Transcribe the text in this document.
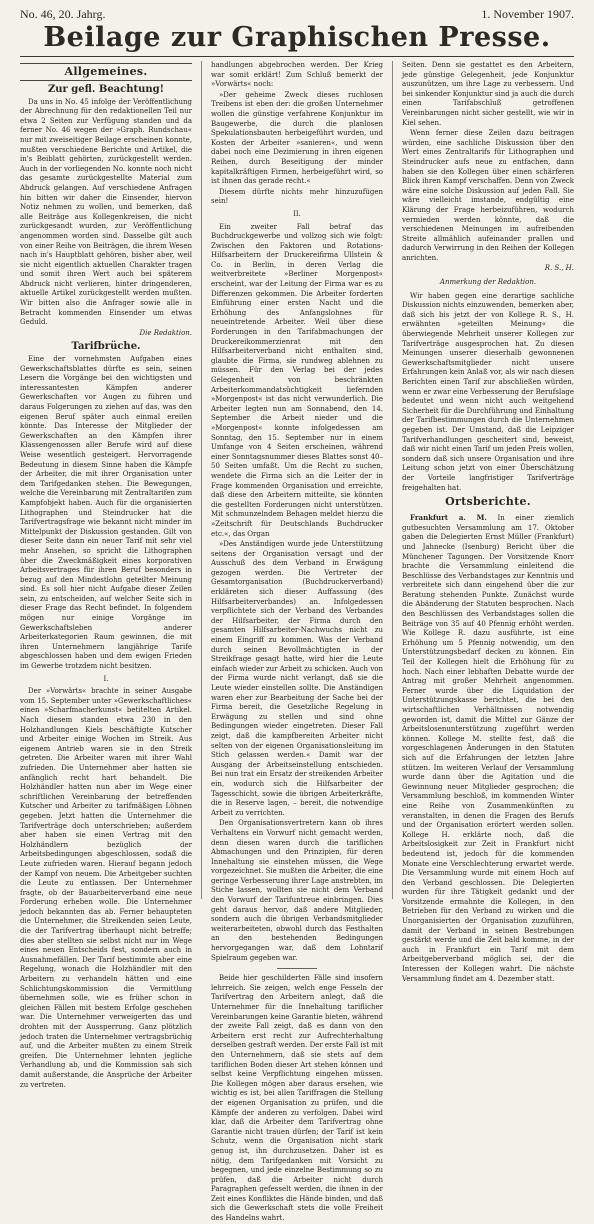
No. 46, 20. Jahrg.	1. November 1907.
Beilage zur Graphischen Presse.
Allgemeines.
Zur gefl. Beachtung!

Da uns in No. 45 infolge der Veröffentlichung der Abrechnung für den redaktionellen Teil nur etwa 2 Seiten zur Verfügung standen und da ferner No. 46 wegen der »Graph. Rundschau« nur mit zweiseitiger Beilage erscheinen konnte, mußten verschiedene Berichte und Artikel, die in's Beiblatt gehörten, zurückgestellt werden. Auch in der vorliegenden No. konnte noch nicht das gesamte zurückgestellte Material zum Abdruck gelangen. Auf verschiedene Anfragen hin bitten wir daher die Einsender, hiervon Notiz nehmen zu wollen, und bemerken, daß alle Beiträge aus Kollegenkreisen, die nicht zurückgesandt wurden, zur Veröffentlichung angenommen worden sind. Dasselbe gilt auch von einer Reihe von Beiträgen, die ihrem Wesen nach in's Hauptblatt gehören, bisher aber, weil sie nicht eigentlich aktuellen Charakter tragen und somit ihren Wert auch bei späterem Abdruck nicht verlieren, hinter dringenderen, aktuelle Artikel zurückgestellt werden mußten. Wir bitten also die Anfrager sowie alle in Betracht kommenden Einsender um etwas Geduld.

Die Redaktion.
Tarifbrüche.

Eine der vornehmsten Aufgaben eines Gewerkschaftsblattes dürfte es sein, seinen Lesern die Vorgänge bei den wichtigsten und interessantesten Kämpfen anderer Gewerkschaften vor Augen zu führen und daraus Folgerungen zu ziehen auf das, was den eigenen Beruf später auch einmal ereilen könnte. Das Interesse der Mitglieder der Gewerkschaften an den Kämpfen ihrer Klassengenossen aller Berufe wird auf diese Weise wesentlich gesteigert. Hervorragende Bedeutung in diesem Sinne haben die Kämpfe der Arbeiter, die mit ihrer Organisation unter dem Tarifgedanken stehen. Die Bewegungen, welche die Vereinbarung mit Zentraltarifen zum Kampfobjekt haben. Auch für die organisierten Lithographen und Steindrucker hat die Tarifvertragsfrage wie bekannt nicht minder im Mittelpunkt der Diskussion gestanden. Gilt von dieser Seite dann ein neuer Tarif mit sehr viel mehr Ansehen, so spricht die Lithographen über die Zweckmäßigkeit eines korporativen Arbeitsvertrages für ihren Beruf besonders in bezug auf den Mindestlohn geteilter Meinung sind. Es soll hier nicht Aufgabe dieser Zeilen sein, zu entscheiden, auf welcher Seite sich in dieser Frage das Recht befindet. In folgendem mögen nur einige Vorgänge im Gewerkschaftsleben anderer Arbeiterkategorien Raum gewinnen, die mit ihren Unternehmern langjährige Tarife abgeschlossen haben und dem ewigen Frieden im Gewerbe trotzdem nicht besitzen.

I.

Der »Vorwärts« brachte in seiner Ausgabe vom 15. September unter »Gewerkschaftliches« einen »Scharfmacherkunst« betitelten Artikel. Nach diesem standen etwa 230 in den Holzhandlungen Kiels beschäftigte Kutscher und Arbeiter einige Wochen im Streik. Aus eigenem Antrieb waren sie in den Streik getreten. Die Arbeiter waren mit ihrer Wahl zufrieden. Die Unternehmer aber hatten sie anfänglich recht hart behandelt. Die Holzhändler hatten nun aber im Wege einer schriftlichen Vereinbarung der betreffenden Kutscher und Arbeiter zu tarifmäßigen Löhnen gegeben. Jetzt hatten die Unternehmer die Tarifverträge doch unterschrieben; außerdem aber haben sie einen Vertrag mit den Holzhändlern bezüglich der Arbeitsbedingungen abgeschlossen, sodaß die Leute zufrieden waren. Hierauf begann jedoch der Kampf von neuem. Die Arbeitgeber suchten die Leute zu entlassen. Der Unternehmer fragte, ob der Bauarbeiterverband eine neue Forderung erheben wolle. Die Unternehmer jedoch bekannten das ab. Ferner behaupteten die Unternehmer, die Streikenden seien Leute, die der Tarifvertrag überhaupt nicht betreffe; dies aber stellten sie selbst nicht nur im Wege eines neuen Entscheids fest, sondern auch in Ausnahmefällen. Der Tarif bestimmte aber eine Regelung, wonach die Holzhändler mit den Arbeitern zu verhandeln hätten und eine Schlichtungskommission die Vermittlung übernehmen solle, wie es früher schon in gleichen Fällen mit bestem Erfolge geschehen war. Die Unternehmer verweigerten das und drohten mit der Aussperrung. Ganz plötzlich jedoch traten die Unternehmer vertragsbrüchig auf, und die Arbeiter mußten zu einem Streik greifen. Die Unternehmer lehnten jegliche Verhandlung ab, und die Kommission sah sich damit außerstande, die Ansprüche der Arbeiter zu vertreten.

handlungen abgebrochen werden. Der Krieg war somit erklärt! Zum Schluß bemerkt der »Vorwärts« noch:

»Der geheime Zweck dieses ruchlosen Treibens ist eben der: die großen Unternehmer wollen die günstige verfahrene Konjunktur im Baugewerbe, die durch die planlosen Spekulationsbauten herbeigeführt wurden, und Kosten der Arbeiter »sanieren«, und wenn dabei noch eine Dezimierung in ihren eigenen Reihen, durch Beseitigung der minder kapitalkräftigen Firmen, herbeigeführt wird, so ist ihnen das gerade recht.«

Diesem dürfte nichts mehr hinzuzufügen sein!

II.

Ein zweiter Fall betraf das Buchdruckgewerbe und vollzog sich wie folgt: Zwischen den Faktoren und Rotations-Hilfsarbeitern der Druckereifirma Ullstein & Co. in Berlin, in deren Verlag die weitverbreitete »Berliner Morgenpost« erscheint, war der Leitung der Firma war es zu Differenzen gekommen. Die Arbeiter forderten Einführung einer ersten Nacht und die Erhöhung des Anfangslohnes für neueintretende Arbeiter. Weil über diese Forderungen in den Tarifabmachungen der Druckereikommerzienrat mit den Hilfsarbeiterverband nicht enthalten sind, glaubte die Firma, sie rundweg ablehnen zu müssen. Für den Verlag bei der jedes Gelegenheit von beschränkten Arbeiterkommandatsüchtigkeit liefernden »Morgenpost« ist das nicht verwunderlich. Die Arbeiter legten nun am Sonnabend, den 14. September die Arbeit nieder und die »Morgenpost« konnte infolgedessen am Sonntag, den 15. September nur in einem Umfange von 4 Seiten erscheinen, während einer Sonntagsnummer dieses Blattes sonst 40–50 Seiten umfaßt. Um die Recht zu suchen, wendete die Firma sich an die Leiter der in Frage kommenden Organisation und erreichte, daß diese den Arbeitern mitteilte, sie könnten die gestellten Forderungen nicht unterstützen. Mit schmunzelndem Behagen meldet hierzu die »Zeitschrift für Deutschlands Buchdrucker etc.«, das Organ

»Des Anständigen wurde jede Unterstützung seitens der Organisation versagt und der Ausschuß des dem Verband in Erwägung gezogen werden. Die Vertreter der Gesamtorganisation (Buchdruckerverband) erkläreten sich dieser Auffassung (des Hilfsarbeiterverbandes) an. Infolgedessen verpflichtete sich der Verband des Verbandes der Hilfsarbeiter, der Firma durch den gesamten Hilfsarbeiter-Nachwuchs nicht zu einem Eingriff zu kommen. Was der Verband durch seinen Bevollmächtigten in der Streikfrage gesagt hatte, wird hier die Leute einfach wieder zur Arbeit zu schicken. Auch von der Firma wurde nicht verlangt, daß sie die Leute wieder einstellen sollte. Die Anständigen waren eher zur Bearbeitung der Sache bei der Firma bereit, die Gesetzliche Regelung in Erwägung zu stellen und sind ohne Bedingungen wieder eingetreten. Dieser Fall zeigt, daß die kampfbereiten Arbeiter nicht selten von der eigenen Organisationsleitung im Stich gelassen werden.« Damit war der Ausgang der Arbeitseinstellung entschieden. Bei nun trat ein Ersatz der streikenden Arbeiter ein, wodurch sich die Hilfsarbeiter der Tagesschicht, sowie die übrigen Arbeiterkräfte, die in Reserve lagen, – bereit, die notwendige Arbeit zu verrichten.

Den Organisationsvertretern kann ob ihres Verhaltens ein Vorwurf nicht gemacht werden, denn diesen waren durch die tariflichen Abmachungen und den Prinzipien, für deren Innehaltung sie einstehen müssen, die Wege vorgezeichnet. Sie mußten die Arbeiter, die eine geringe Verbesserung ihrer Lage anstrebten, im Stiche lassen, wollten sie nicht dem Verband den Vorwurf der Tarifuntreue einbringen. Dies geht daraus hervor, daß andere Mitglieder, sondern auch die übrigen Verbandsmitglieder weiterarbeiteten, obwohl durch das Festhalten an den bestehenden Bedingungen hervorgegangen war, daß dem Lohntarif Spielraum gegeben war.

Beide hier geschilderten Fälle sind insofern lehrreich. Sie zeigen, welch enge Fesseln der Tarifvertrag den Arbeitern anlegt, daß die Unternehmer für die Innehaltung tariflicher Vereinbarungen keine Garantie bieten, während der zweite Fall zeigt, daß es dann von den Arbeitern erst recht zur Aufrechterhaltung derselben gestraft werden. Der erste Fall ist mit den Unternehmern, daß sie stets auf dem tariflichen Boden dieser Art stehen können und selbst keine Verpflichtung eingehen müssen. Die Kollegen mögen aber daraus ersehen, wie wichtig es ist, bei allen Tariffragen die Stellung der eigenen Organisation zu prüfen, und die Kämpfe der anderen zu verfolgen. Dabei wird klar, daß die Arbeiter dem Tarifvertrag ohne Garantie nicht trauen dürfen; der Tarif ist kein Schutz, wenn die Organisation nicht stark genug ist, ihn durchzusetzen. Daher ist es nötig, dem Tarifgedanken mit Vorsicht zu begegnen, und jede einzelne Bestimmung so zu prüfen, daß die Arbeiter nicht durch Paragraphen gefesselt werden, die ihnen in der Zeit eines Konfliktes die Hände binden, und daß sich die Gewerkschaft stets die volle Freiheit des Handelns wahrt.

Seiten. Denn sie gestattet es den Arbeitern, jede günstige Gelegenheit, jede Konjunktur auszunützen, um ihre Lage zu verbessern. Und bei sinkender Konjunktur sind ja auch die durch einen Tarifabschluß getroffenen Vereinbarungen nicht sicher gestellt, wie wir in Kiel sehen.

Wenn ferner diese Zeilen dazu beitragen würden, eine sachliche Diskussion über den Wert eines Zentraltarifs für Lithographen und Steindrucker aufs neue zu entfachen, dann haben sie den Kollegen über einen schärferen Blick ihren Kampf verschaffen. Denn von Zweck wäre eine solche Diskussion auf jeden Fall. Sie wäre vielleicht imstande, endgültig eine Klärung der Frage herbeizuführen, wodurch vermieden werden könnte, daß die verschiedenen Meinungen im aufreibenden Streite allmählich aufeinander prallen und dadurch Verwirrung in den Reihen der Kollegen anrichten.

R. S., H.
Anmerkung der Redaktion.

Wir haben gegen eine derartige sachliche Diskussion nichts einzuwenden, bemerken aber, daß sich bis jetzt der von Kollege R. S., H. erwähnten »geteilten Meinung« die überwiegende Mehrheit unserer Kollegen zur Tarifverträge ausgesprochen hat. Zu diesen Meinungen unserer dieserhalb gewonnenen Gewerkschaftsmitglieder nicht unsere Erfahrungen kein Anlaß vor, als wir nach diesen Berichten einen Tarif zur abschließen würden, wenn er zwar eine Verbesserung der Berufslage bedeutet und wenn nicht auch weitgehend Sicherheit für die Durchführung und Einhaltung der Tarifbestimmungen durch die Unternehmen gegeben ist. Der Umstand, daß die Leipziger Tarifverhandlungen gescheitert sind, beweist, daß wir nicht einen Tarif um jeden Preis wollen, sondern daß sich unsere Organisation und ihre Leitung schon jetzt von einer Überschätzung der Vorteile langfristiger Tarifverträge freigehalten hat.

Ortsberichte.

Frankfurt a. M. In einer ziemlich gutbesuchten Versammlung am 17. Oktober gaben die Delegierten Ernst Müller (Frankfurt) und Jahnecke (Isenburg) Bericht über die Münchener Tagungen. Der Vorsitzende Knorr brachte die Versammlung einleitend die Beschlüsse des Verbandstages zur Kenntnis und verbreitete sich dann eingehend über die zur Beratung stehenden Punkte. Zunächst wurde die Abänderung der Statuten besprochen. Nach den Beschlüssen des Verbandstages sollen die Beiträge von 35 auf 40 Pfennig erhöht werden. Wie Kollege R. dazu ausführte, ist eine Erhöhung um 5 Pfennig notwendig, um den Unterstützungsbedarf decken zu können. Ein Teil der Kollegen hielt die Erhöhung für zu hoch. Nach einer lebhaften Debatte wurde der Antrag mit großer Mehrheit angenommen. Ferner wurde über die Liquidation der Unterstützungskasse berichtet, die bei den wirtschaftlichen Verhältnissen notwendig geworden ist, damit die Mittel zur Gänze der Arbeitslosenunterstützung zugeführt werden können. Kollege M. stellte fest, daß die vorgeschlagenen Änderungen in den Statuten sich auf die Erfahrungen der letzten Jahre stützen. Im weiteren Verlauf der Versammlung wurde dann über die Agitation und die Gewinnung neuer Mitglieder gesprochen; die Versammlung beschloß, im kommenden Winter eine Reihe von Zusammenkünften zu veranstalten, in denen die Fragen des Berufs und der Organisation erörtert werden sollen. Kollege H. erklärte noch, daß die Arbeitslosigkeit zur Zeit in Frankfurt nicht bedeutend ist, jedoch für die kommenden Monate eine Verschlechterung erwartet werde. Die Versammlung wurde mit einem Hoch auf den Verband geschlossen. Die Delegierten wurden für ihre Tätigkeit gedankt und der Vorsitzende ermahnte die Kollegen, in den Betrieben für den Verband zu wirken und die Unorganisierten der Organisation zuzuführen, damit der Verband in seinen Bestrebungen gestärkt werde und die Zeit bald komme, in der auch in Frankfurt ein Tarif mit dem Arbeitgeberverband möglich sei, der die Interessen der Kollegen wahrt. Die nächste Versammlung findet am 4. Dezember statt.
